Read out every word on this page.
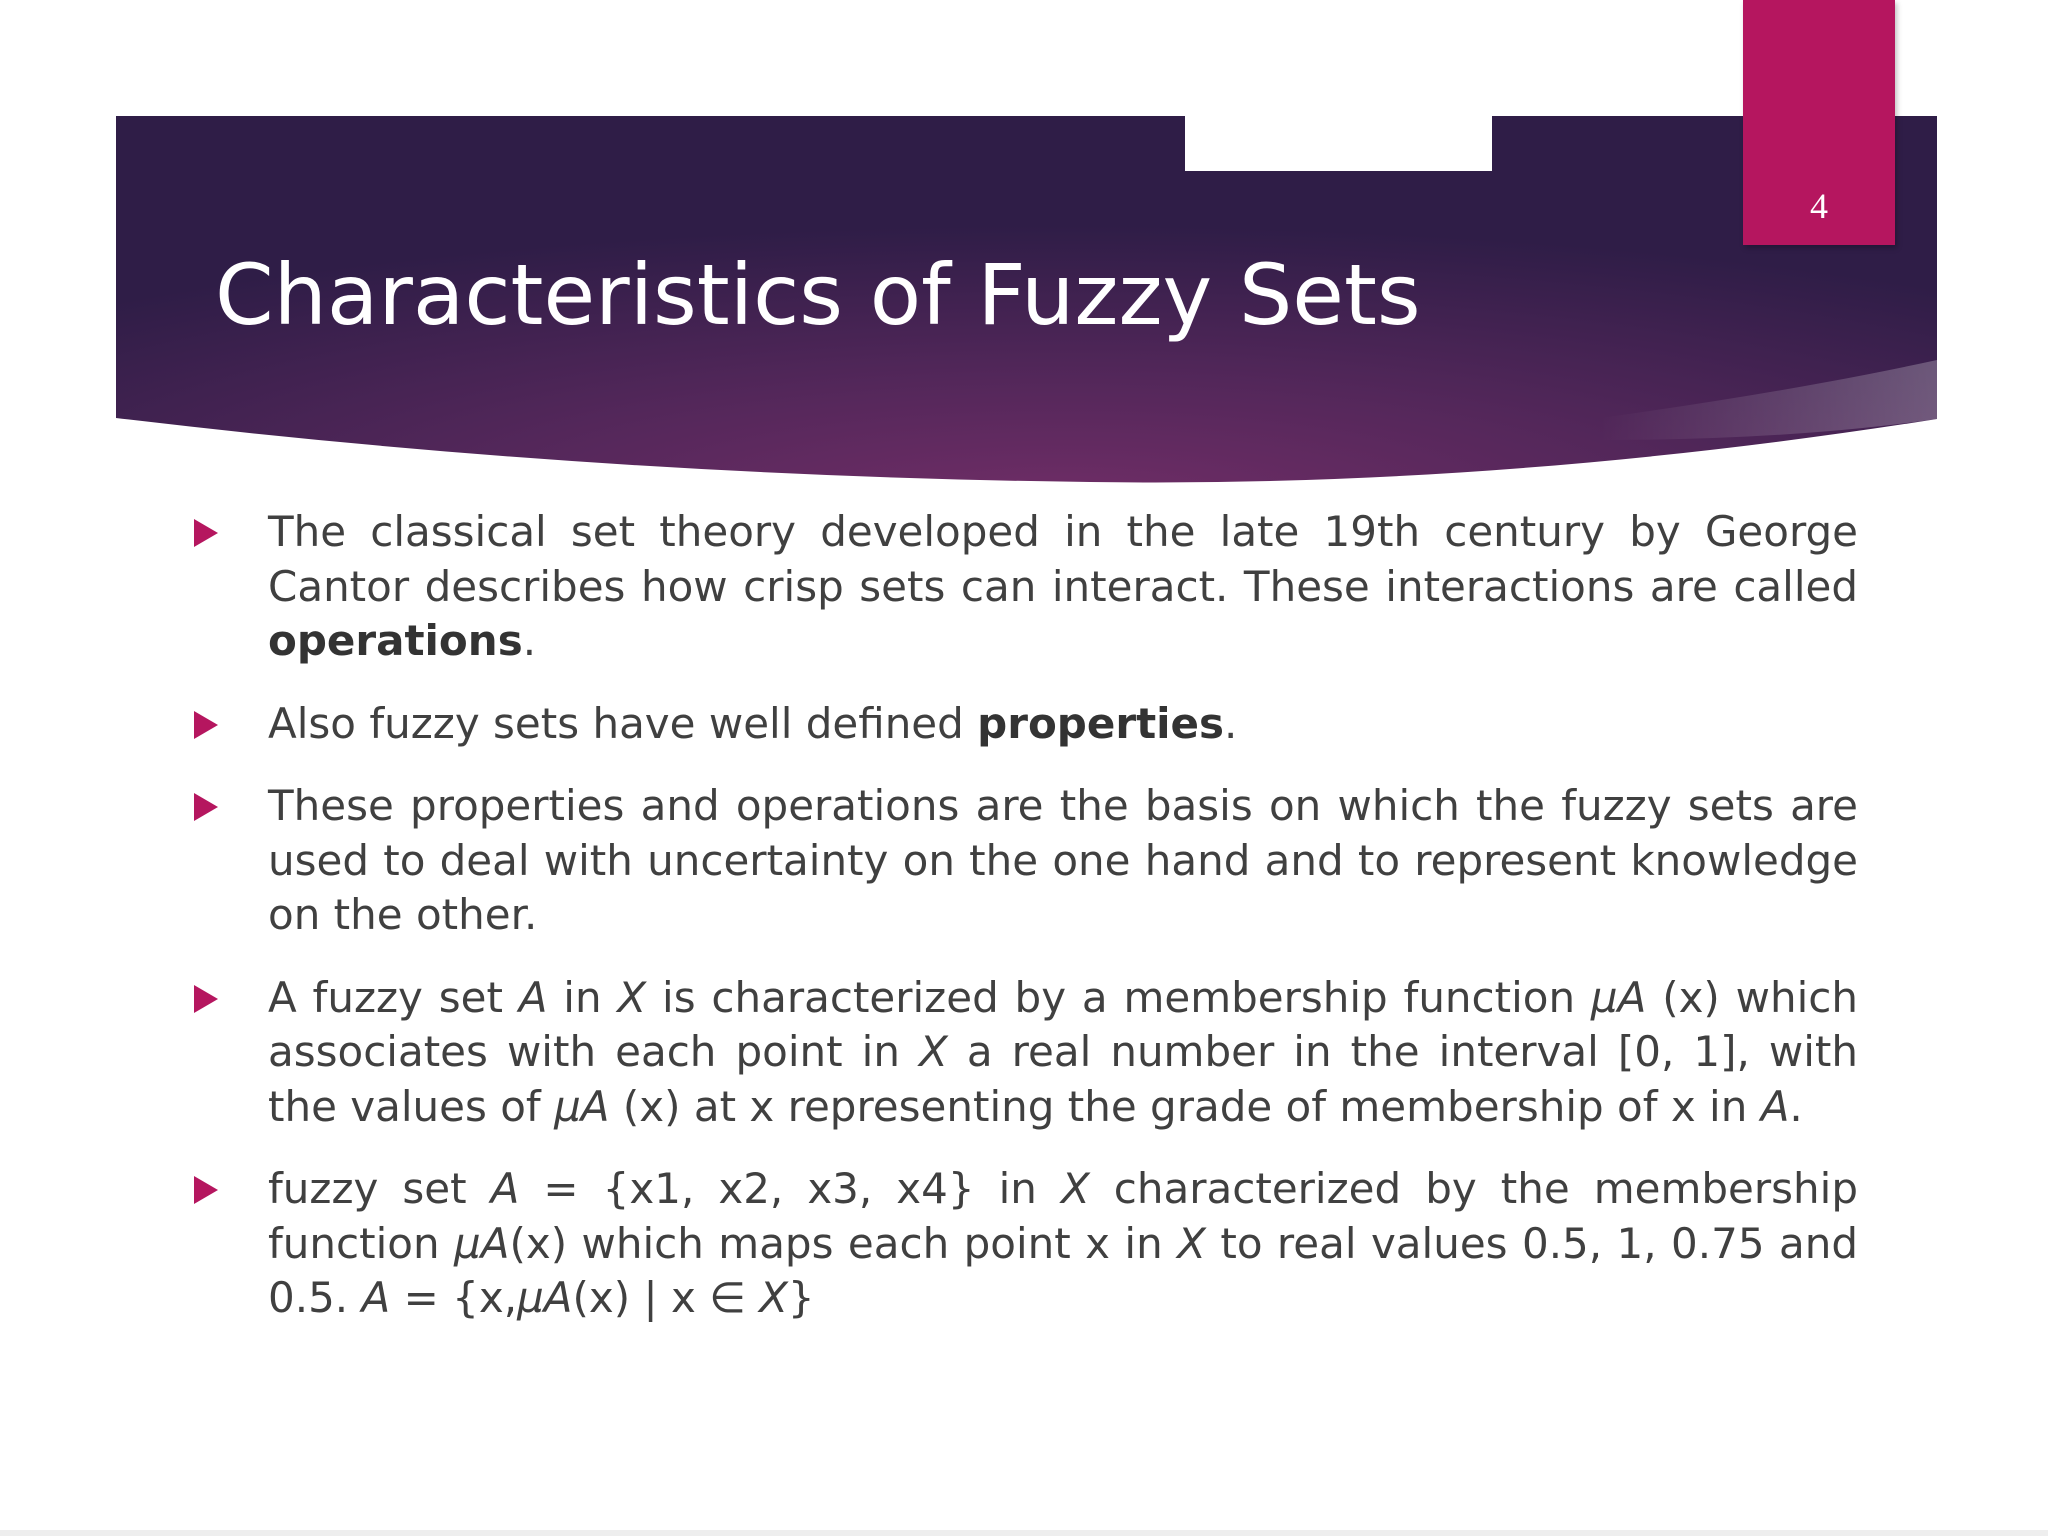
4
Characteristics of Fuzzy Sets
The classical set theory developed in the late 19th century by George Cantor describes how crisp sets can interact. These interactions are called operations.
Also fuzzy sets have well defined properties.
These properties and operations are the basis on which the fuzzy sets are used to deal with uncertainty on the one hand and to represent knowledge on the other.
A fuzzy set A in X is characterized by a membership function μA (x) which associates with each point in X a real number in the interval [0, 1], with the values of μA (x) at x representing the grade of membership of x in A.
fuzzy set A = {x1, x2, x3, x4} in X characterized by the membership function μA(x) which maps each point x in X to real values 0.5, 1, 0.75 and 0.5. A = {x,μA(x) | x ∈ X}
